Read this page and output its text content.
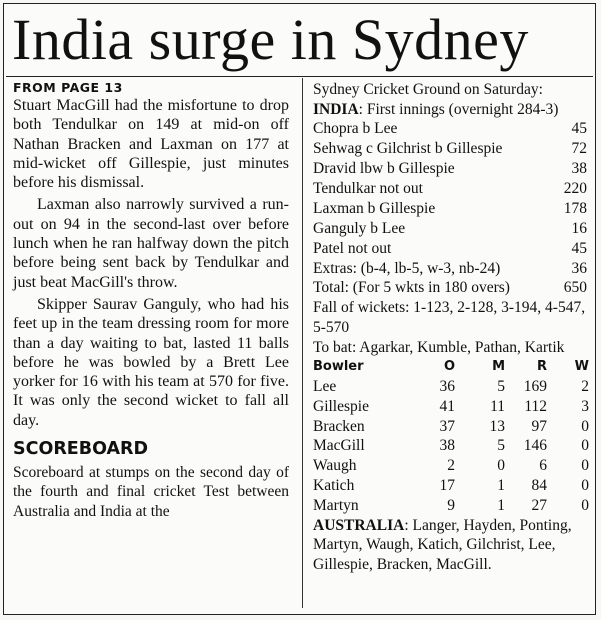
India surge in Sydney

FROM PAGE 13

Stuart MacGill had the misfortune to drop both Tendulkar on 149 at mid-on off Nathan Bracken and Laxman on 177 at mid-wicket off Gillespie, just minutes before his dismissal.

Laxman also narrowly survived a run-out on 94 in the second-last over before lunch when he ran halfway down the pitch before being sent back by Tendulkar and just beat MacGill's throw.

Skipper Saurav Ganguly, who had his feet up in the team dressing room for more than a day waiting to bat, lasted 11 balls before he was bowled by a Brett Lee yorker for 16 with his team at 570 for five. It was only the second wicket to fall all day.

SCOREBOARD

Scoreboard at stumps on the second day of the fourth and final cricket Test between Australia and India at the

Sydney Cricket Ground on Saturday:

INDIA: First innings (overnight 284-3)

Chopra b Lee	45
Sehwag c Gilchrist b Gillespie	72
Dravid lbw b Gillespie	38
Tendulkar not out	220
Laxman b Gillespie	178
Ganguly b Lee	16
Patel not out	45
Extras: (b-4, lb-5, w-3, nb-24)	36
Total: (For 5 wkts in 180 overs)	650

Fall of wickets: 1-123, 2-128, 3-194, 4-547, 5-570

To bat: Agarkar, Kumble, Pathan, Kartik

Bowler	O	M	R	W
Lee	36	5	169	2
Gillespie	41	11	112	3
Bracken	37	13	97	0
MacGill	38	5	146	0
Waugh	2	0	6	0
Katich	17	1	84	0
Martyn	9	1	27	0

AUSTRALIA: Langer, Hayden, Ponting, Martyn, Waugh, Katich, Gilchrist, Lee, Gillespie, Bracken, MacGill.
